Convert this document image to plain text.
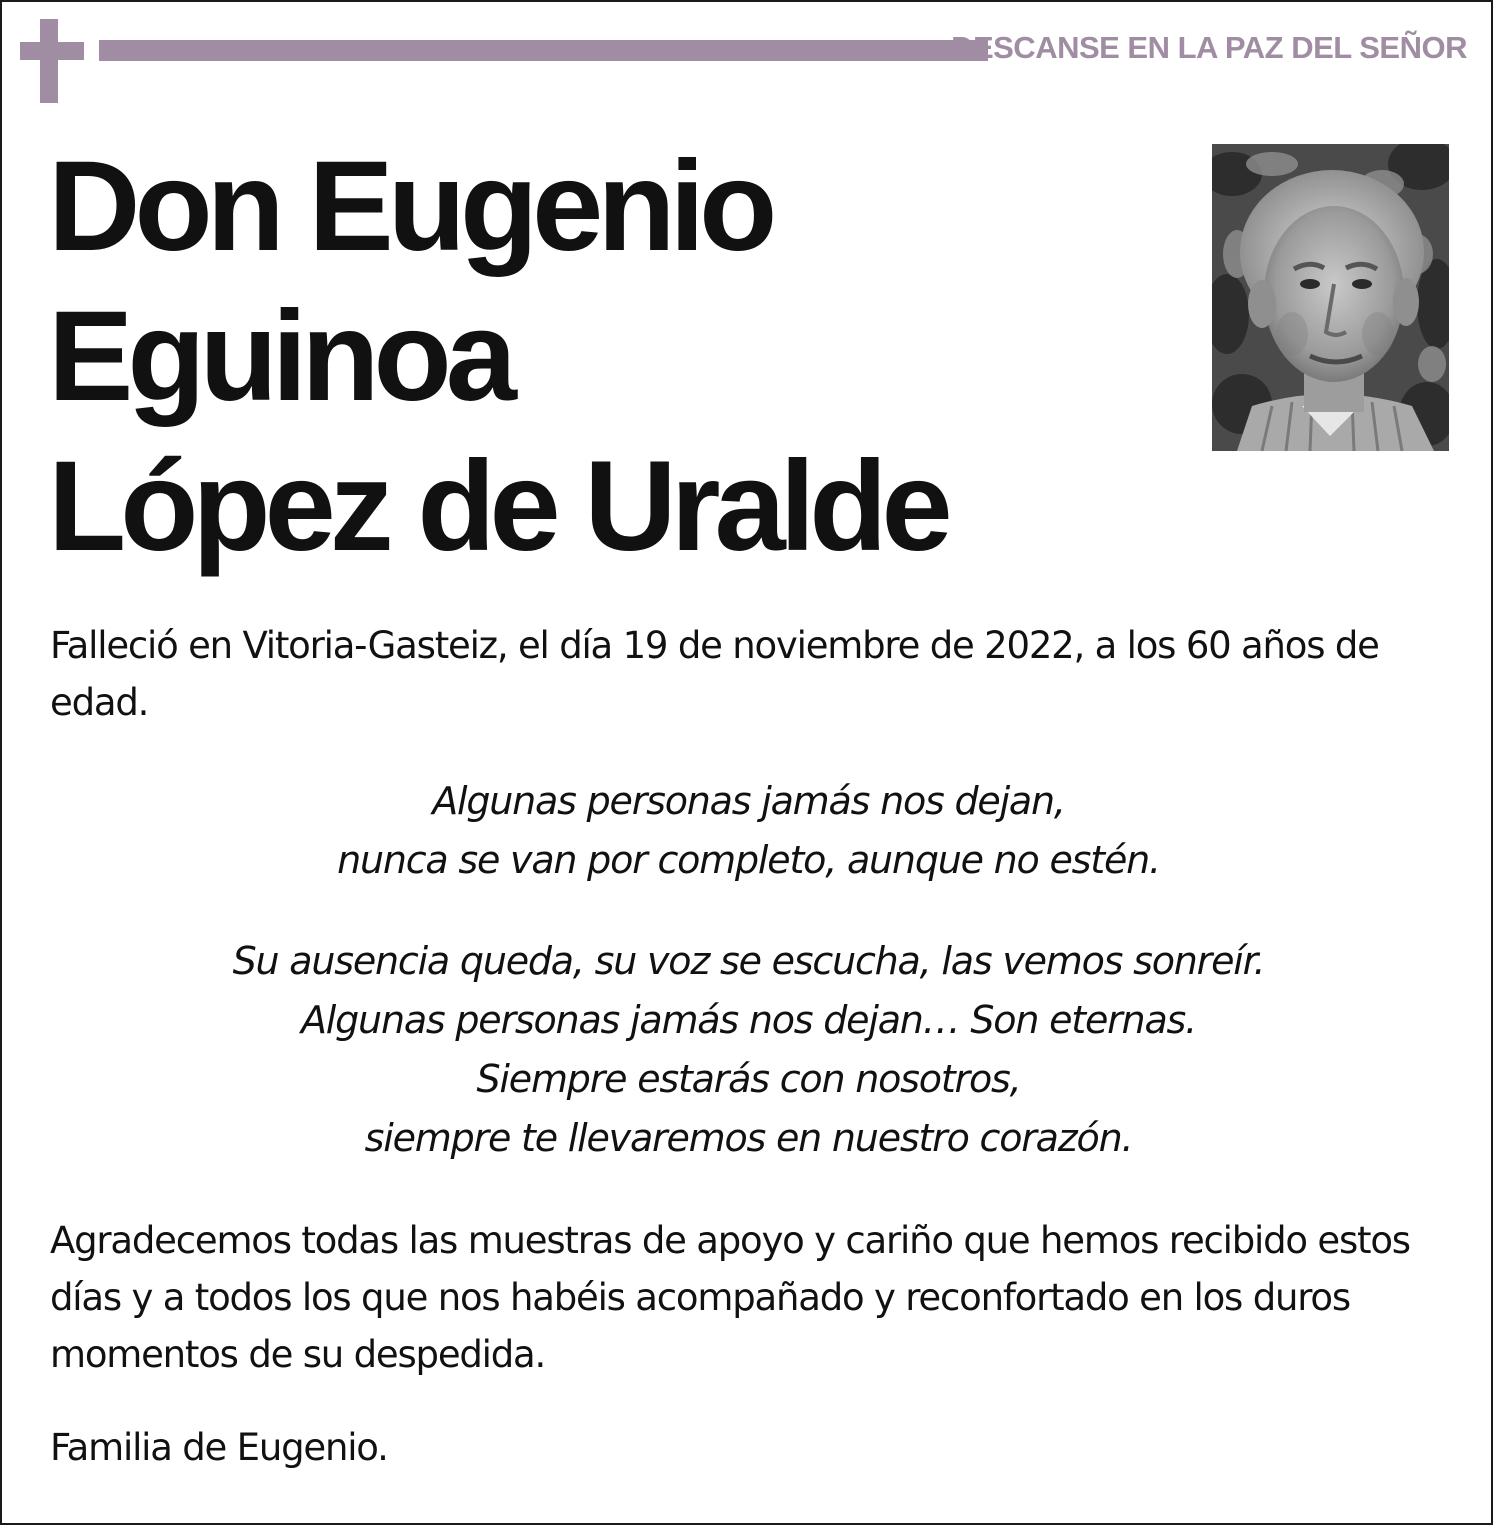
DESCANSE EN LA PAZ DEL SEÑOR
Don Eugenio
Eguinoa
López de Uralde
Falleció en Vitoria-Gasteiz, el día 19 de noviembre de 2022, a los 60 años de edad.
Algunas personas jamás nos dejan,
nunca se van por completo, aunque no estén.
Su ausencia queda, su voz se escucha, las vemos sonreír.
Algunas personas jamás nos dejan… Son eternas.
Siempre estarás con nosotros,
siempre te llevaremos en nuestro corazón.
Agradecemos todas las muestras de apoyo y cariño que hemos recibido estos días y a todos los que nos habéis acompañado y reconfortado en los duros momentos de su despedida.
Familia de Eugenio.
